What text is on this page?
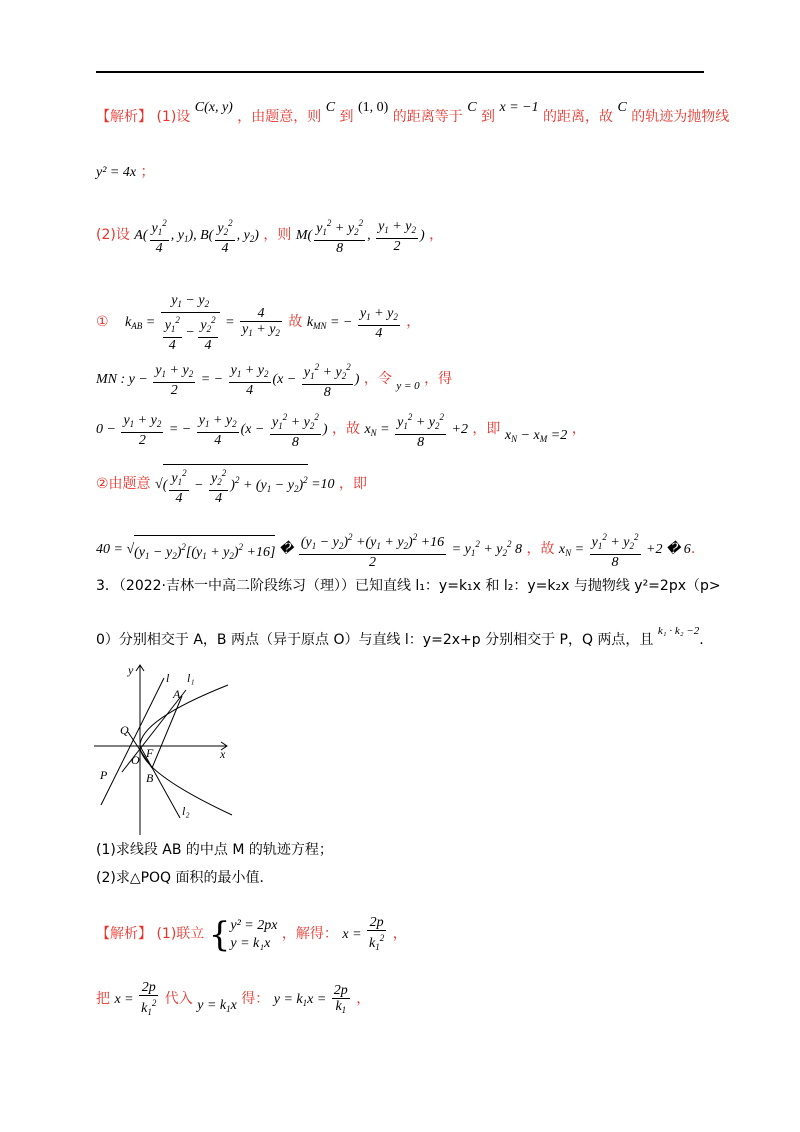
【解析】 (1)设 C(x, y) ，由题意，则 C 到 (1, 0) 的距离等于 C 到 x = −1 的距离，故 C 的轨迹为抛物线
y² = 4x ；
(2)设 $A( \frac{y_1^2}{4}$ , $y_1$), $B( \frac{y_2^2}{4}$ , $y_2$) ，则 $M( \frac{y_1^2 + y_2^2}{8}$ , $\frac{y_1 + y_2}{2}$ ) ，
① $k_{AB} = \frac{y_1 - y_2}{\frac{y_1^2}{4} - \frac{y_2^2}{4}} = \frac{4}{y_1 + y_2}$ 故 $k_{MN}$ = − $\frac{y_1 + y_2}{4}$ ，
MN : $y - \frac{y_1 + y_2}{2}$ = − $\frac{y_1 + y_2}{4} (x - \frac{y_1^2 + y_2^2}{8}$ ) ，令 $_{y = 0}$ ，得
$0 - \frac{y_1 + y_2}{2}$ = − $\frac{y_1 + y_2}{4} (x - \frac{y_1^2 + y_2^2}{8}$ ) ，故 $x_N = \frac{y_1^2 + y_2^2}{8} +2$ ，即 $x_N - x_M =2$ ，
②由题意 √( $\frac{y_1^2}{4} - \frac{y_2^2}{4} )^2 + (y_1 - y_2)^2 =10$ ，即
$40 = √(y_1 - y_2)^2[(y_1 + y_2)^2 +16]$ � $\frac{(y_1 - y_2)^2 +(y_1 + y_2)^2 +16}{2} = y_1^2 + y_2^2$ 8 ，故 $x_N = \frac{y_1^2 + y_2^2}{8} +2$ � 6.
3．（2022·吉林一中高二阶段练习（理））已知直线 l₁：y=k₁x 和 l₂：y=k₂x 与抛物线 y²=2px（p>
0）分别相交于 A，B 两点（异于原点 O）与直线 l：y=2x+p 分别相交于 P，Q 两点，且 $^{k_1 \cdot k_2 -2}$.
y
x
l l₁
l₂
A
B
Q
O F
P
(1)求线段 AB 的中点 M 的轨迹方程；
(2)求△POQ 面积的最小值．
【解析】 (1)联立 { y² = 2px
y = k₁x
，解得： $x = \frac{2p}{k_1^2}$ ，
把 $x = \frac{2p}{k_1^2}$ 代入 $y = k_1x$ 得： $y = k_1x = \frac{2p}{k_1}$ ，
